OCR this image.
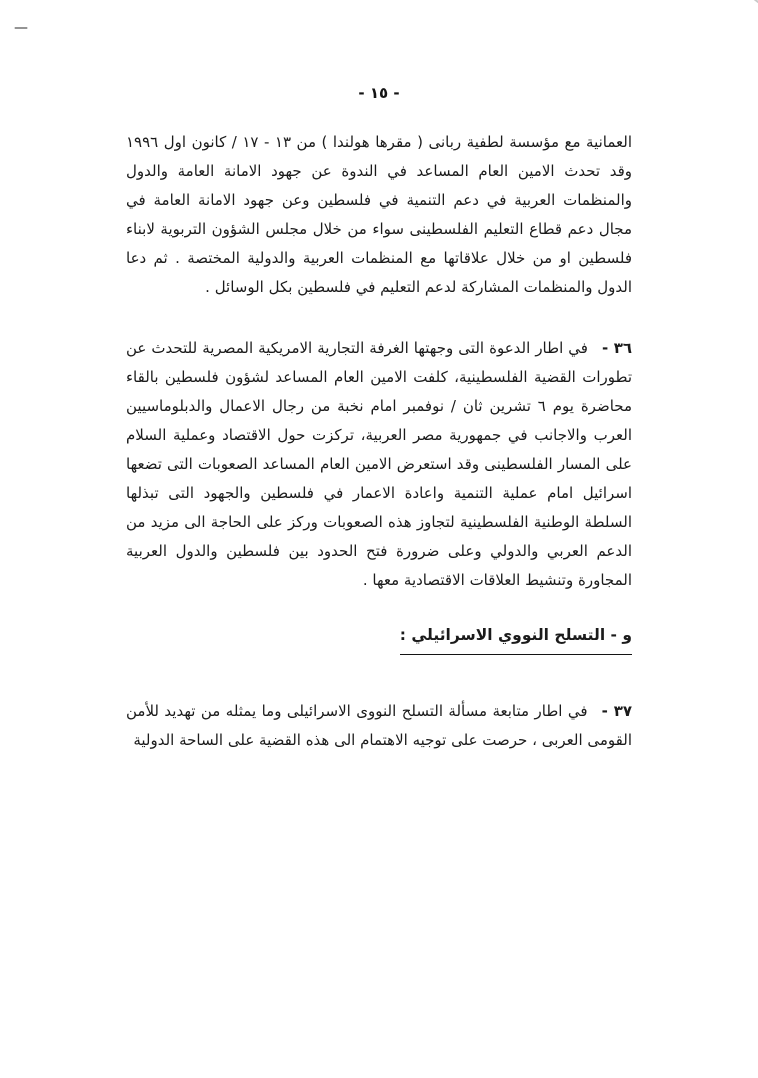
—
- ١٥ -

العمانية مع مؤسسة لطفية ربانى ( مقرها هولندا ) من ١٣ - ١٧ / كانون اول ١٩٩٦ وقد تحدث الامين العام المساعد في الندوة عن جهود الامانة العامة والدول والمنظمات العربية في دعم التنمية في فلسطين وعن جهود الامانة العامة في مجال دعم قطاع التعليم الفلسطينى سواء من خلال مجلس الشؤون التربوية لابناء فلسطين او من خلال علاقاتها مع المنظمات العربية والدولية المختصة . ثم دعا الدول والمنظمات المشاركة لدعم التعليم في فلسطين بكل الوسائل .

٣٦ -في اطار الدعوة التى وجهتها الغرفة التجارية الامريكية المصرية للتحدث عن تطورات القضية الفلسطينية، كلفت الامين العام المساعد لشؤون فلسطين بالقاء محاضرة يوم ٦ تشرين ثان / نوفمبر امام نخبة من رجال الاعمال والدبلوماسيين العرب والاجانب في جمهورية مصر العربية، تركزت حول الاقتصاد وعملية السلام على المسار الفلسطينى وقد استعرض الامين العام المساعد الصعوبات التى تضعها اسرائيل امام عملية التنمية واعادة الاعمار في فلسطين والجهود التى تبذلها السلطة الوطنية الفلسطينية لتجاوز هذه الصعوبات وركز على الحاجة الى مزيد من الدعم العربي والدولي وعلى ضرورة فتح الحدود بين فلسطين والدول العربية المجاورة وتنشيط العلاقات الاقتصادية معها .

و - التسلح النووي الاسرائيلي :

٣٧ -في اطار متابعة مسألة التسلح النووى الاسرائيلى وما يمثله من تهديد للأمن القومى العربى ، حرصت على توجيه الاهتمام الى هذه القضية على الساحة الدولية
